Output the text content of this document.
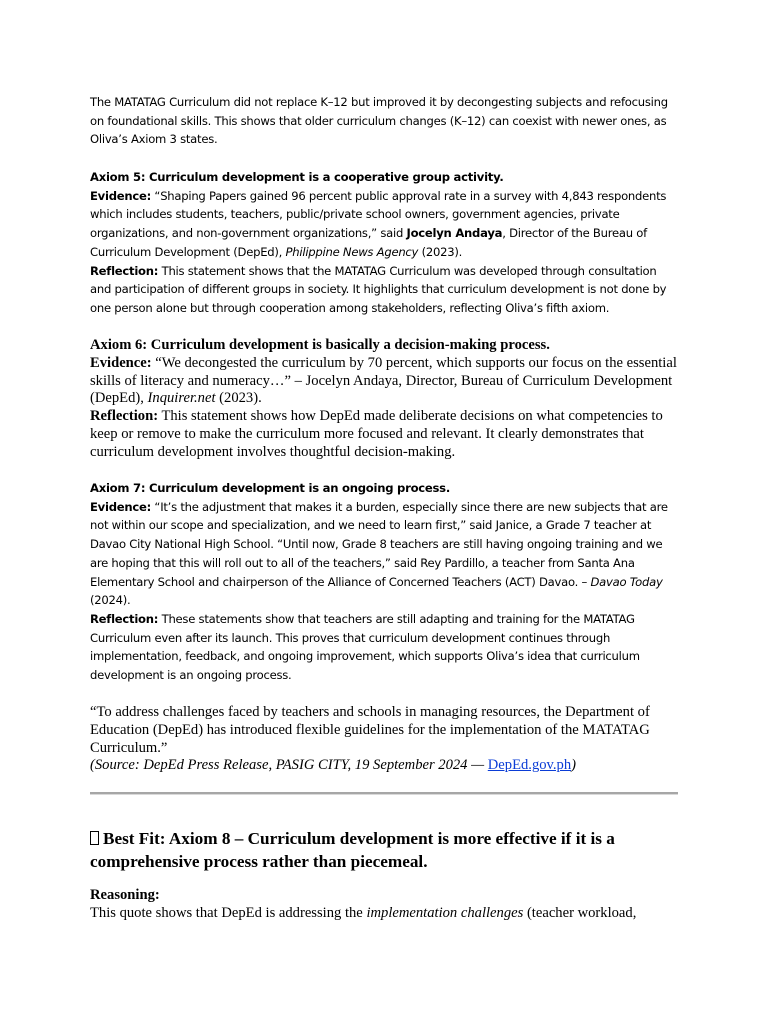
The MATATAG Curriculum did not replace K–12 but improved it by decongesting subjects and refocusing on foundational skills. This shows that older curriculum changes (K–12) can coexist with newer ones, as Oliva’s Axiom 3 states.

Axiom 5: Curriculum development is a cooperative group activity.

Evidence: “Shaping Papers gained 96 percent public approval rate in a survey with 4,843 respondents which includes students, teachers, public/private school owners, government agencies, private organizations, and non-government organizations,” said Jocelyn Andaya, Director of the Bureau of Curriculum Development (DepEd), Philippine News Agency (2023).

Reflection: This statement shows that the MATATAG Curriculum was developed through consultation and participation of different groups in society. It highlights that curriculum development is not done by one person alone but through cooperation among stakeholders, reflecting Oliva’s fifth axiom.

Axiom 6: Curriculum development is basically a decision-making process.

Evidence: “We decongested the curriculum by 70 percent, which supports our focus on the essential skills of literacy and numeracy…” – Jocelyn Andaya, Director, Bureau of Curriculum Development (DepEd), Inquirer.net (2023).

Reflection: This statement shows how DepEd made deliberate decisions on what competencies to keep or remove to make the curriculum more focused and relevant. It clearly demonstrates that curriculum development involves thoughtful decision-making.

Axiom 7: Curriculum development is an ongoing process.

Evidence: “It’s the adjustment that makes it a burden, especially since there are new subjects that are not within our scope and specialization, and we need to learn first,” said Janice, a Grade 7 teacher at Davao City National High School. “Until now, Grade 8 teachers are still having ongoing training and we are hoping that this will roll out to all of the teachers,” said Rey Pardillo, a teacher from Santa Ana Elementary School and chairperson of the Alliance of Concerned Teachers (ACT) Davao. – Davao Today (2024).

Reflection: These statements show that teachers are still adapting and training for the MATATAG Curriculum even after its launch. This proves that curriculum development continues through implementation, feedback, and ongoing improvement, which supports Oliva’s idea that curriculum development is an ongoing process.

“To address challenges faced by teachers and schools in managing resources, the Department of Education (DepEd) has introduced flexible guidelines for the implementation of the MATATAG Curriculum.”

(Source: DepEd Press Release, PASIG CITY, 19 September 2024 — DepEd.gov.ph)

Best Fit: Axiom 8 – Curriculum development is more effective if it is a comprehensive process rather than piecemeal.

Reasoning:

This quote shows that DepEd is addressing the implementation challenges (teacher workload,
